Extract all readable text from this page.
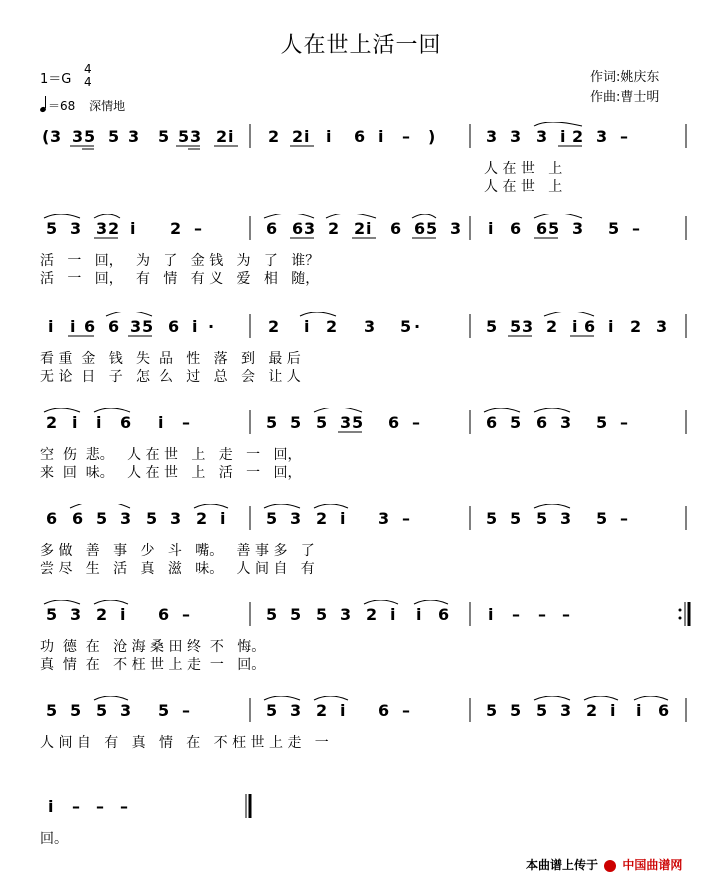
人在世上活一回
1＝G
4
4
＝68 深情地
作词:姚庆东
作曲:曹士明
( 3 3 5 5 3 5 5 3 2 i 2 2 i i 6 i – )	3 3 3 i 2 3 –
人 在 世   上
人 在 世   上
5 3 3 2 i 2 –	6 6 3 2 2 i 6 6 5 3 i 6 6 5 3 5 –
活   一   回，   为   了   金 钱   为   了   谁？
活   一   回，   有   情   有 义   爱   相   随，
i i 6 6 3 5 6 i ·	2 i 2 3 5 ·	5 5 3 2 i 6 i 2 3
看 重  金   钱   失  品   性   落   到   最 后
无 论  日   子   怎  么   过   总   会   让 人
2 i i 6 i –	5 5 5 3 5 6 –	6 5 6 3 5 –
空  伤  悲。   人 在 世   上   走   一   回，
来  回  味。   人 在 世   上   活   一   回，
6 6 5 3 5 3 2 i	5 3 2 i 3 –	5 5 5 3 5 –
多 做   善   事   少   斗   嘴。   善 事 多   了
尝 尽   生   活   真   滋   味。   人 间 自   有
5 3 2 i 6 –	5 5 5 3 2 i i 6 i – – –
功  德  在   沧 海 桑 田 终  不   悔。
真  情  在   不 枉 世 上 走  一   回。
5 5 5 3 5 –	5 3 2 i 6 –	5 5 5 3 2 i i 6
人 间 自   有   真   情   在   不 枉 世 上 走   一
i – – –
回。
本曲谱上传于 中国曲谱网
